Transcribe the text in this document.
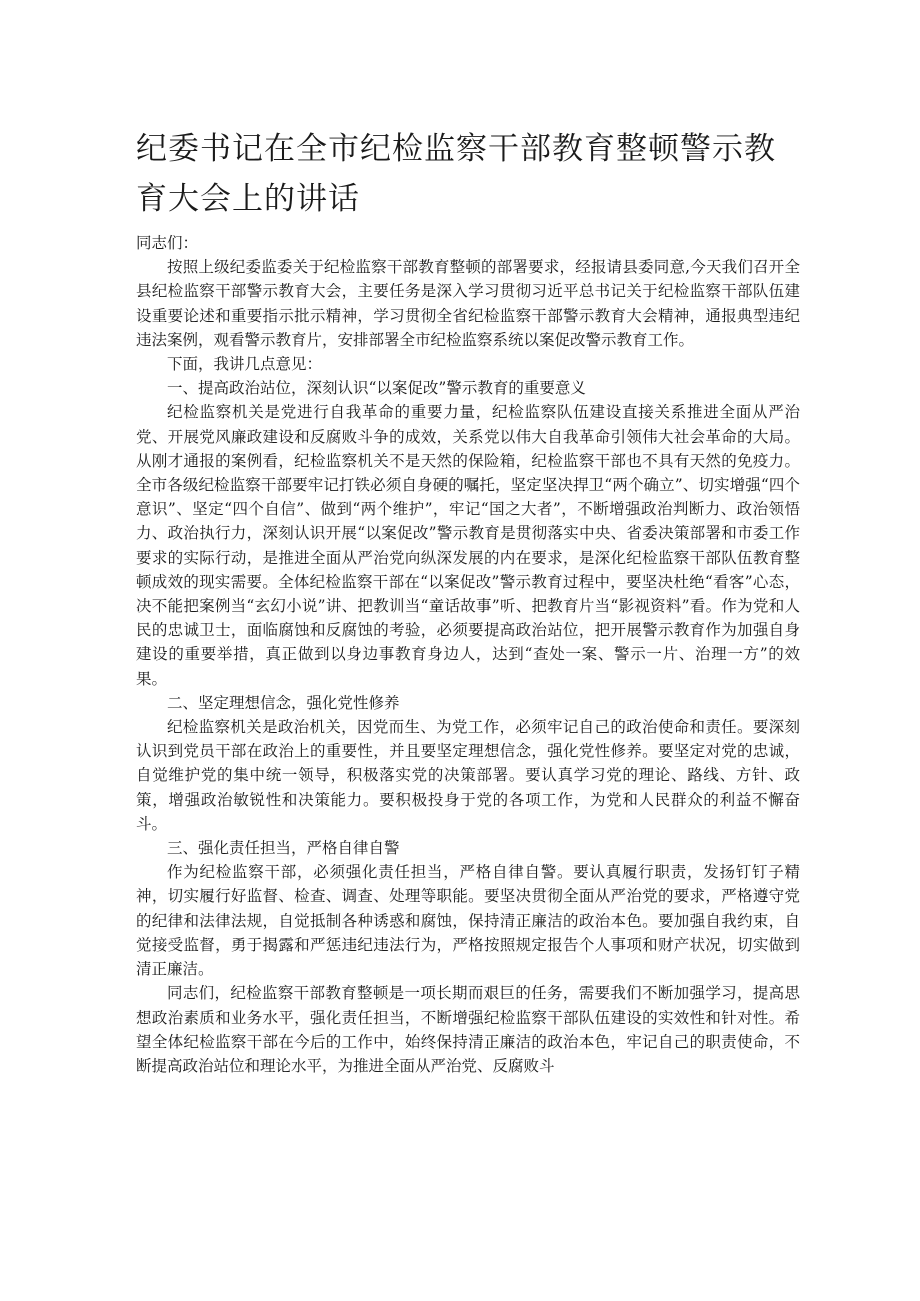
纪委书记在全市纪检监察干部教育整顿警示教育大会上的讲话

同志们：

按照上级纪委监委关于纪检监察干部教育整顿的部署要求，经报请县委同意,今天我们召开全县纪检监察干部警示教育大会，主要任务是深入学习贯彻习近平总书记关于纪检监察干部队伍建设重要论述和重要指示批示精神，学习贯彻全省纪检监察干部警示教育大会精神，通报典型违纪违法案例，观看警示教育片，安排部署全市纪检监察系统以案促改警示教育工作。

下面，我讲几点意见：

一、提高政治站位，深刻认识“以案促改”警示教育的重要意义

纪检监察机关是党进行自我革命的重要力量，纪检监察队伍建设直接关系推进全面从严治党、开展党风廉政建设和反腐败斗争的成效，关系党以伟大自我革命引领伟大社会革命的大局。从刚才通报的案例看，纪检监察机关不是天然的保险箱，纪检监察干部也不具有天然的免疫力。全市各级纪检监察干部要牢记打铁必须自身硬的嘱托，坚定坚决捍卫“两个确立”、切实增强“四个意识”、坚定“四个自信”、做到“两个维护”，牢记“国之大者”，不断增强政治判断力、政治领悟力、政治执行力，深刻认识开展“以案促改”警示教育是贯彻落实中央、省委决策部署和市委工作要求的实际行动，是推进全面从严治党向纵深发展的内在要求，是深化纪检监察干部队伍教育整顿成效的现实需要。全体纪检监察干部在“以案促改”警示教育过程中，要坚决杜绝“看客”心态，决不能把案例当“玄幻小说”讲、把教训当“童话故事”听、把教育片当“影视资料”看。作为党和人民的忠诚卫士，面临腐蚀和反腐蚀的考验，必须要提高政治站位，把开展警示教育作为加强自身建设的重要举措，真正做到以身边事教育身边人，达到“查处一案、警示一片、治理一方”的效果。

二、坚定理想信念，强化党性修养

纪检监察机关是政治机关，因党而生、为党工作，必须牢记自己的政治使命和责任。要深刻认识到党员干部在政治上的重要性，并且要坚定理想信念，强化党性修养。要坚定对党的忠诚，自觉维护党的集中统一领导，积极落实党的决策部署。要认真学习党的理论、路线、方针、政策，增强政治敏锐性和决策能力。要积极投身于党的各项工作，为党和人民群众的利益不懈奋斗。

三、强化责任担当，严格自律自警

作为纪检监察干部，必须强化责任担当，严格自律自警。要认真履行职责，发扬钉钉子精神，切实履行好监督、检查、调查、处理等职能。要坚决贯彻全面从严治党的要求，严格遵守党的纪律和法律法规，自觉抵制各种诱惑和腐蚀，保持清正廉洁的政治本色。要加强自我约束，自觉接受监督，勇于揭露和严惩违纪违法行为，严格按照规定报告个人事项和财产状况，切实做到清正廉洁。

同志们，纪检监察干部教育整顿是一项长期而艰巨的任务，需要我们不断加强学习，提高思想政治素质和业务水平，强化责任担当，不断增强纪检监察干部队伍建设的实效性和针对性。希望全体纪检监察干部在今后的工作中，始终保持清正廉洁的政治本色，牢记自己的职责使命，不断提高政治站位和理论水平，为推进全面从严治党、反腐败斗
